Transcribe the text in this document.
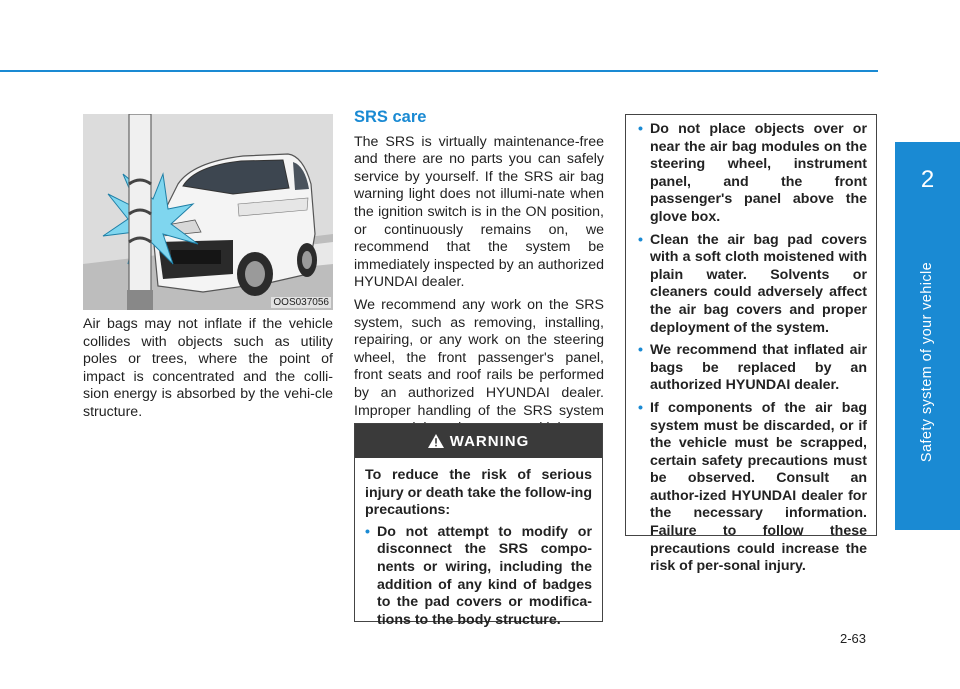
2
Safety system of your vehicle
OOS037056
Air bags may not inflate if the vehicle collides with objects such as utility poles or trees, where the point of impact is concentrated and the colli-sion energy is absorbed by the vehi-cle structure.
SRS care

The SRS is virtually maintenance-free and there are no parts you can safely service by yourself. If the SRS air bag warning light does not illumi-nate when the ignition switch is in the ON position, or continuously remains on, we recommend that the system be immediately inspected by an authorized HYUNDAI dealer.

We recommend any work on the SRS system, such as removing, installing, repairing, or any work on the steering wheel, the front passenger's panel, front seats and roof rails be performed by an authorized HYUNDAI dealer. Improper handling of the SRS system

WARNING

To reduce the risk of serious injury or death take the follow-ing precautions:

• Do not attempt to modify or disconnect the SRS compo-nents or wiring, including the addition of any kind of badges to the pad covers or modifica-tions to the body structure.
• Do not place objects over or near the air bag modules on the steering wheel, instrument panel, and the front passenger's panel above the glove box.
• Clean the air bag pad covers with a soft cloth moistened with plain water. Solvents or cleaners could adversely affect the air bag covers and proper deployment of the system.
• We recommend that inflated air bags be replaced by an authorized HYUNDAI dealer.
• If components of the air bag system must be discarded, or if the vehicle must be scrapped, certain safety precautions must be observed. Consult an author-ized HYUNDAI dealer for the necessary information. Failure to follow these precautions could increase the risk of per-sonal injury.
2-63
